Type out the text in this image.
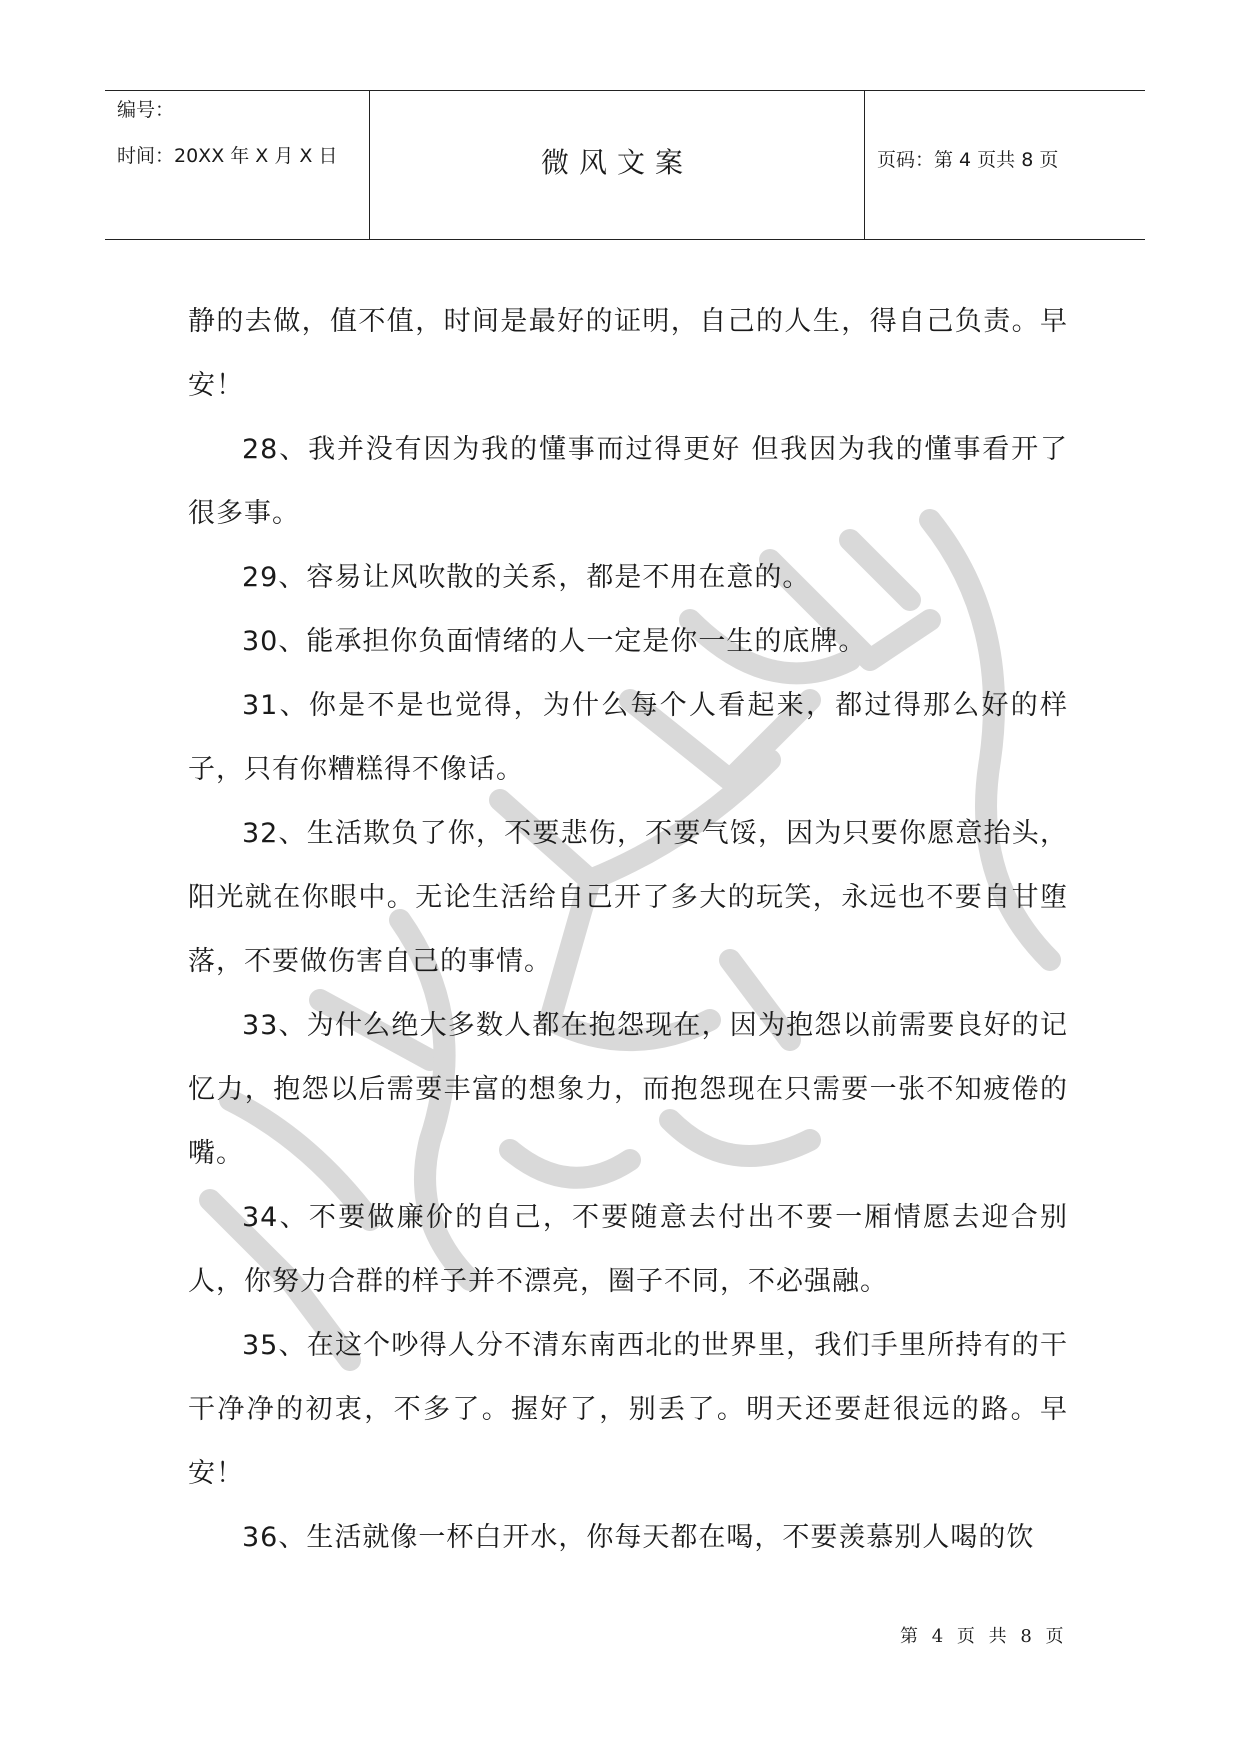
编号：
时间：20XX 年 X 月 X 日	微风文案	页码：第 4 页共 8 页

静的去做，值不值，时间是最好的证明，自己的人生，得自己负责。早安！

28、我并没有因为我的懂事而过得更好 但我因为我的懂事看开了很多事。

29、容易让风吹散的关系，都是不用在意的。

30、能承担你负面情绪的人一定是你一生的底牌。

31、你是不是也觉得，为什么每个人看起来，都过得那么好的样子，只有你糟糕得不像话。

32、生活欺负了你，不要悲伤，不要气馁，因为只要你愿意抬头，阳光就在你眼中。无论生活给自己开了多大的玩笑，永远也不要自甘堕落，不要做伤害自己的事情。

33、为什么绝大多数人都在抱怨现在，因为抱怨以前需要良好的记忆力，抱怨以后需要丰富的想象力，而抱怨现在只需要一张不知疲倦的嘴。

34、不要做廉价的自己，不要随意去付出不要一厢情愿去迎合别人，你努力合群的样子并不漂亮，圈子不同，不必强融。

35、在这个吵得人分不清东南西北的世界里，我们手里所持有的干干净净的初衷，不多了。握好了，别丢了。明天还要赶很远的路。早安！

36、生活就像一杯白开水，你每天都在喝，不要羡慕别人喝的饮

第 4 页 共 8 页
